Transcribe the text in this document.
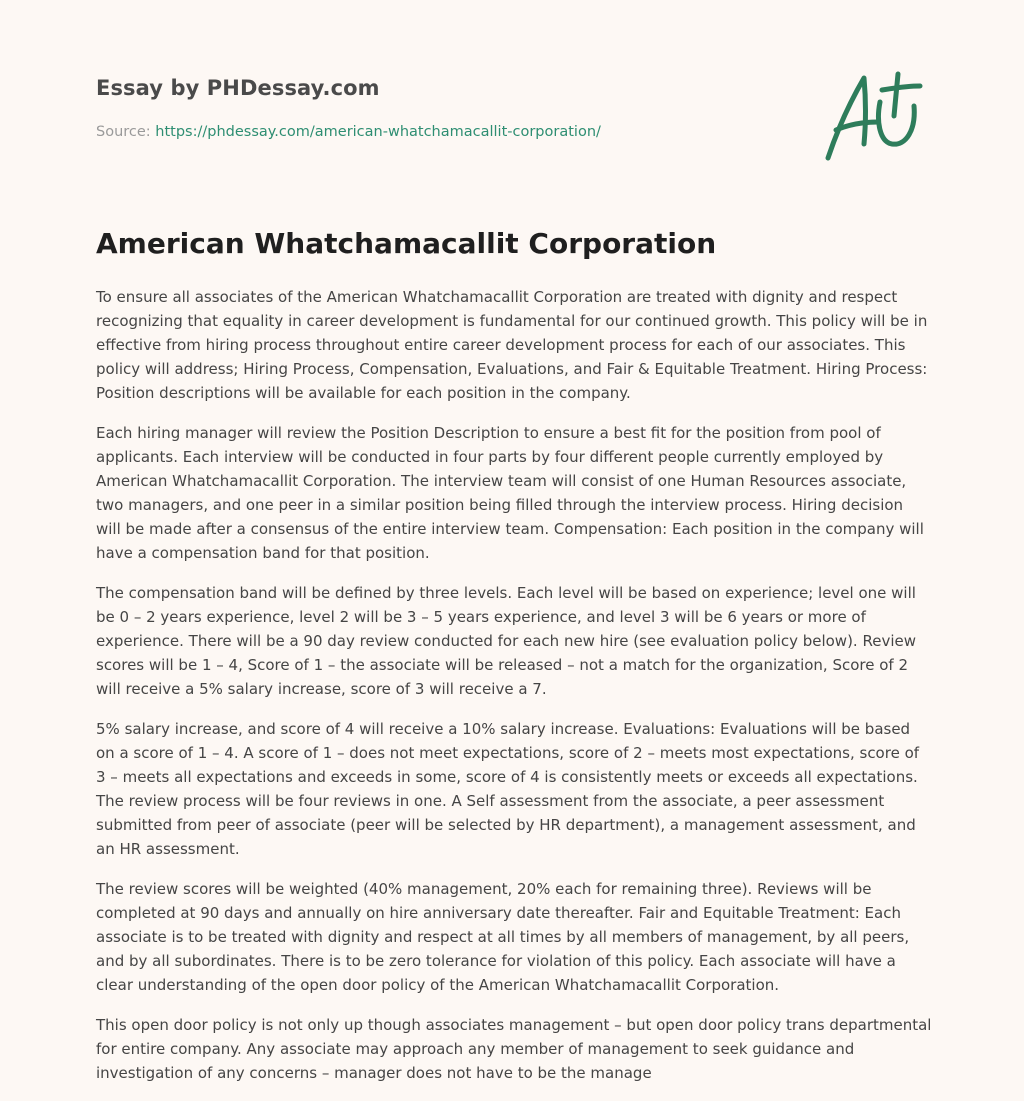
Essay by PHDessay.com
Source: https://phdessay.com/american-whatchamacallit-corporation/
American Whatchamacallit Corporation

To ensure all associates of the American Whatchamacallit Corporation are treated with dignity and respect recognizing that equality in career development is fundamental for our continued growth. This policy will be in effective from hiring process throughout entire career development process for each of our associates. This policy will address; Hiring Process, Compensation, Evaluations, and Fair & Equitable Treatment. Hiring Process: Position descriptions will be available for each position in the company.

Each hiring manager will review the Position Description to ensure a best fit for the position from pool of applicants. Each interview will be conducted in four parts by four different people currently employed by American Whatchamacallit Corporation. The interview team will consist of one Human Resources associate, two managers, and one peer in a similar position being filled through the interview process. Hiring decision will be made after a consensus of the entire interview team. Compensation: Each position in the company will have a compensation band for that position.

The compensation band will be defined by three levels. Each level will be based on experience; level one will be 0 – 2 years experience, level 2 will be 3 – 5 years experience, and level 3 will be 6 years or more of experience. There will be a 90 day review conducted for each new hire (see evaluation policy below). Review scores will be 1 – 4, Score of 1 – the associate will be released – not a match for the organization, Score of 2 will receive a 5% salary increase, score of 3 will receive a 7.

5% salary increase, and score of 4 will receive a 10% salary increase. Evaluations: Evaluations will be based on a score of 1 – 4. A score of 1 – does not meet expectations, score of 2 – meets most expectations, score of 3 – meets all expectations and exceeds in some, score of 4 is consistently meets or exceeds all expectations. The review process will be four reviews in one. A Self assessment from the associate, a peer assessment submitted from peer of associate (peer will be selected by HR department), a management assessment, and an HR assessment.

The review scores will be weighted (40% management, 20% each for remaining three). Reviews will be completed at 90 days and annually on hire anniversary date thereafter. Fair and Equitable Treatment: Each associate is to be treated with dignity and respect at all times by all members of management, by all peers, and by all subordinates. There is to be zero tolerance for violation of this policy. Each associate will have a clear understanding of the open door policy of the American Whatchamacallit Corporation.

This open door policy is not only up though associates management – but open door policy trans departmental for entire company. Any associate may approach any member of management to seek guidance and investigation of any concerns – manager does not have to be the manage
